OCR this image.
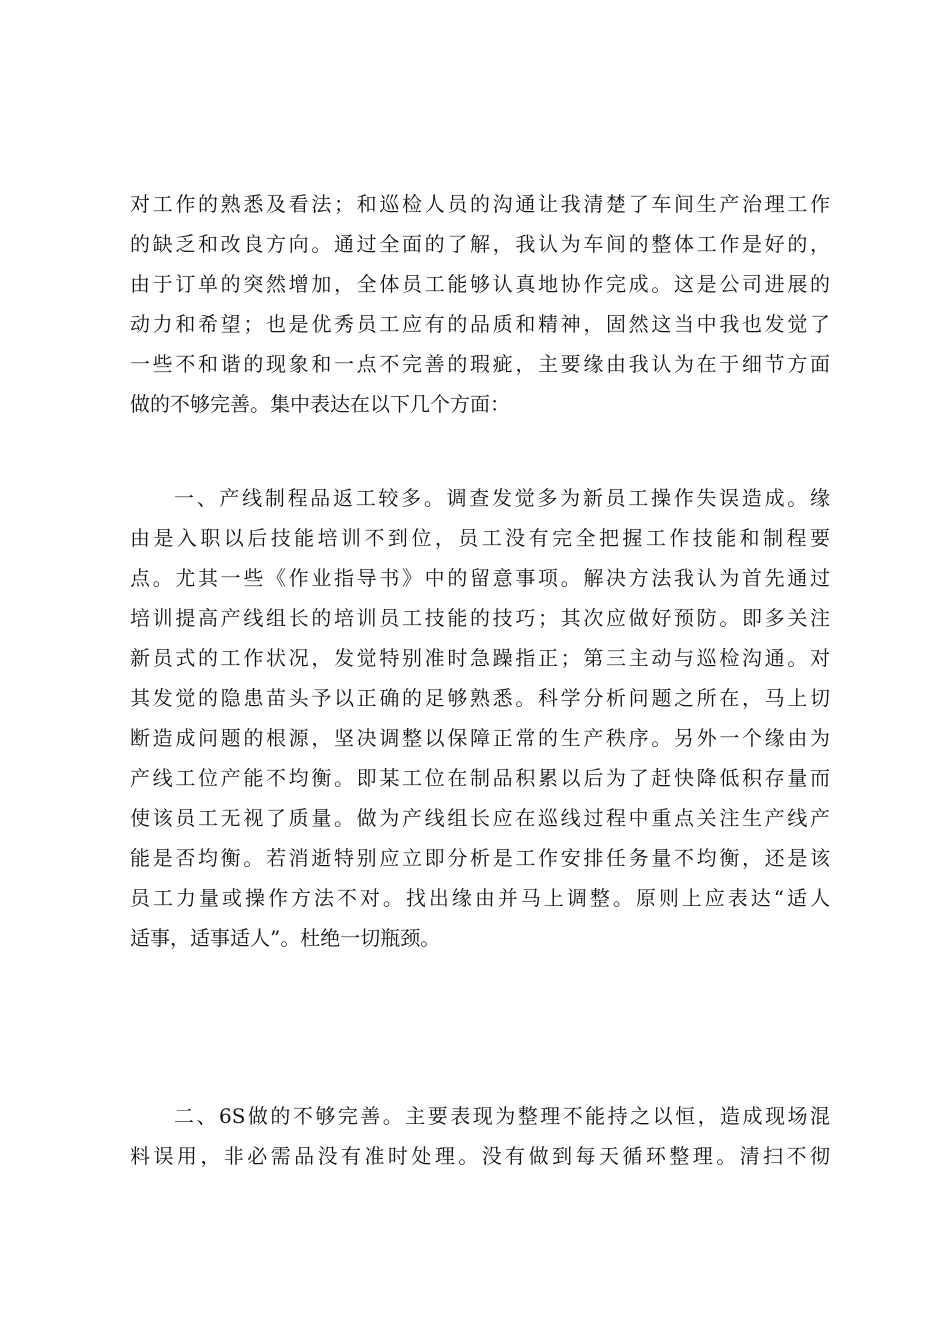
对工作的熟悉及看法；和巡检人员的沟通让我清楚了车间生产治理工作
的缺乏和改良方向。通过全面的了解，我认为车间的整体工作是好的，
由于订单的突然增加，全体员工能够认真地协作完成。这是公司进展的
动力和希望；也是优秀员工应有的品质和精神，固然这当中我也发觉了
一些不和谐的现象和一点不完善的瑕疵，主要缘由我认为在于细节方面
做的不够完善。集中表达在以下几个方面：
一、产线制程品返工较多。调查发觉多为新员工操作失误造成。缘
由是入职以后技能培训不到位，员工没有完全把握工作技能和制程要
点。尤其一些《作业指导书》中的留意事项。解决方法我认为首先通过
培训提高产线组长的培训员工技能的技巧；其次应做好预防。即多关注
新员式的工作状况，发觉特别准时急躁指正；第三主动与巡检沟通。对
其发觉的隐患苗头予以正确的足够熟悉。科学分析问题之所在，马上切
断造成问题的根源，坚决调整以保障正常的生产秩序。另外一个缘由为
产线工位产能不均衡。即某工位在制品积累以后为了赶快降低积存量而
使该员工无视了质量。做为产线组长应在巡线过程中重点关注生产线产
能是否均衡。若消逝特别应立即分析是工作安排任务量不均衡，还是该
员工力量或操作方法不对。找出缘由并马上调整。原则上应表达“适人
适事，适事适人”。杜绝一切瓶颈。
二、6S做的不够完善。主要表现为整理不能持之以恒，造成现场混
料误用，非必需品没有准时处理。没有做到每天循环整理。清扫不彻
